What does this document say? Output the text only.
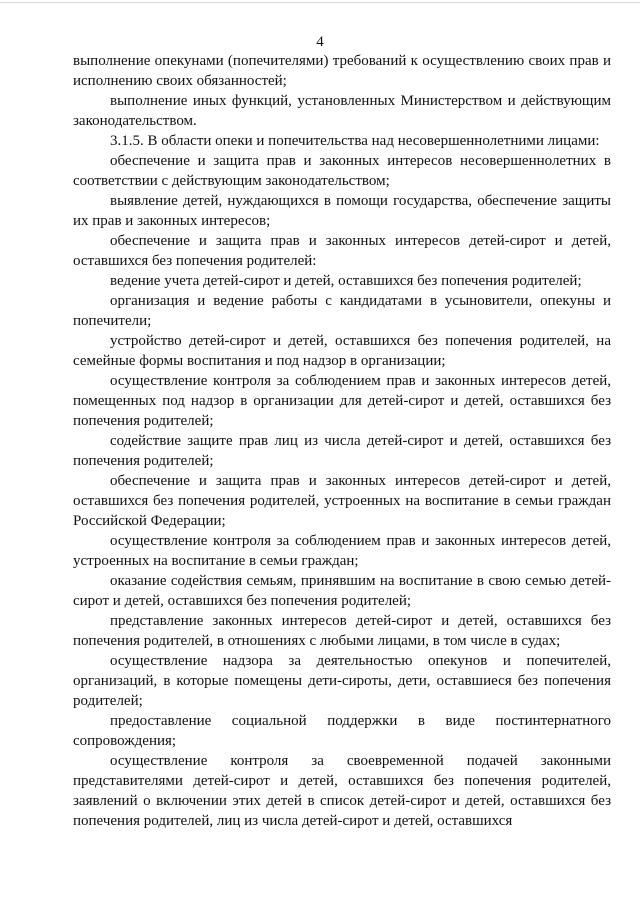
4

выполнение опекунами (попечителями) требований к осуществлению своих прав и исполнению своих обязанностей;

выполнение иных функций, установленных Министерством и действующим законодательством.

3.1.5. В области опеки и попечительства над несовершеннолетними лицами:

обеспечение и защита прав и законных интересов несовершеннолетних в соответствии с действующим законодательством;

выявление детей, нуждающихся в помощи государства, обеспечение защиты их прав и законных интересов;

обеспечение и защита прав и законных интересов детей-сирот и детей, оставшихся без попечения родителей:

ведение учета детей-сирот и детей, оставшихся без попечения родителей;

организация и ведение работы с кандидатами в усыновители, опекуны и попечители;

устройство детей-сирот и детей, оставшихся без попечения родителей, на семейные формы воспитания и под надзор в организации;

осуществление контроля за соблюдением прав и законных интересов детей, помещенных под надзор в организации для детей-сирот и детей, оставшихся без попечения родителей;

содействие защите прав лиц из числа детей-сирот и детей, оставшихся без попечения родителей;

обеспечение и защита прав и законных интересов детей-сирот и детей, оставшихся без попечения родителей, устроенных на воспитание в семьи граждан Российской Федерации;

осуществление контроля за соблюдением прав и законных интересов детей, устроенных на воспитание в семьи граждан;

оказание содействия семьям, принявшим на воспитание в свою семью детей-сирот и детей, оставшихся без попечения родителей;

представление законных интересов детей-сирот и детей, оставшихся без попечения родителей, в отношениях с любыми лицами, в том числе в судах;

осуществление надзора за деятельностью опекунов и попечителей, организаций, в которые помещены дети-сироты, дети, оставшиеся без попечения родителей;

предоставление социальной поддержки в виде постинтернатного сопровождения;

осуществление контроля за своевременной подачей законными представителями детей-сирот и детей, оставшихся без попечения родителей, заявлений о включении этих детей в список детей-сирот и детей, оставшихся без попечения родителей, лиц из числа детей-сирот и детей, оставшихся
